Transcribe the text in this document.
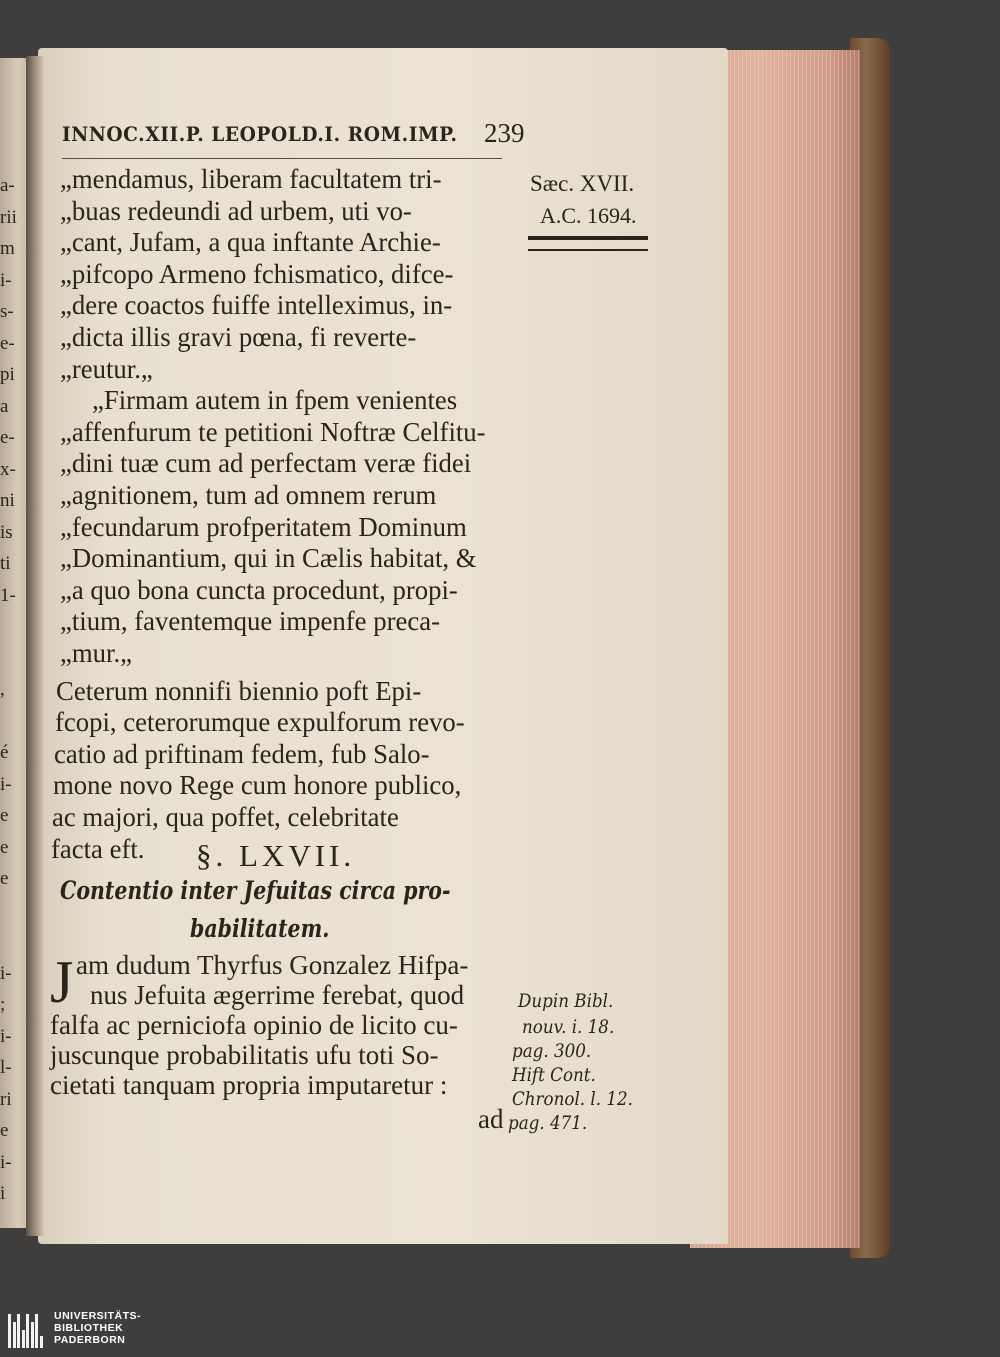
a-
rii
m
i-
s-
e-
pi
a
e-
x-
ni
is
ti
1-
,
é
i-
e
e
e
i-
;
i-
l-
ri
e
i-
i
INNOC.XII.P. LEOPOLD.I. ROM.IMP. 239
Sæc. XVII.
A.C. 1694.
„mendamus, liberam facultatem tri-
„buas redeundi ad urbem, uti vo-
„cant, Jufam, a qua inftante Archie-
„pifcopo Armeno fchismatico, difce-
„dere coactos fuiffe intelleximus, in-
„dicta illis gravi pœna, fi reverte-
„reutur.„
„Firmam autem in fpem venientes
„affenfurum te petitioni Noftræ Celfitu-
„dini tuæ cum ad perfectam veræ fidei
„agnitionem, tum ad omnem rerum
„fecundarum profperitatem Dominum
„Dominantium, qui in Cælis habitat, &
„a quo bona cuncta procedunt, propi-
„tium, faventemque impenfe preca-
„mur.„
Ceterum nonnifi biennio poft Epi-
fcopi, ceterorumque expulforum revo-
catio ad priftinam fedem, fub Salo-
mone novo Rege cum honore publico,
ac majori, qua poffet, celebritate
facta eft. §. LXVII.
Contentio inter Jefuitas circa pro-
babilitatem.
J am dudum Thyrfus Gonzalez Hifpa-
nus Jefuita ægerrime ferebat, quod
falfa ac perniciofa opinio de licito cu-
juscunque probabilitatis ufu toti So-
cietati tanquam propria imputaretur :
ad
Dupin Bibl.
nouv. i. 18.
pag. 300.
Hift Cont.
Chronol. l. 12.
pag. 471.
UNIVERSITÄTS-
BIBLIOTHEK
PADERBORN
